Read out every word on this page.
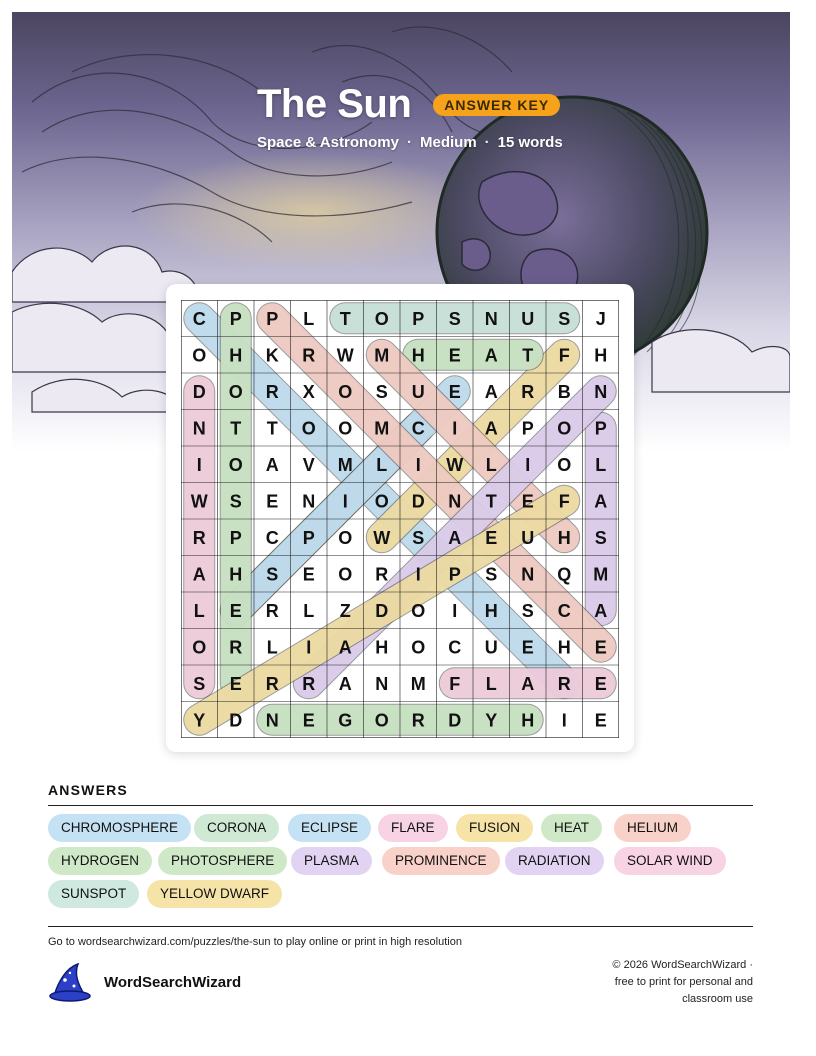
The Sun	ANSWER KEY
Space & Astronomy · Medium · 15 words
C P P L T O P S N U S J
O H K R W M H E A T F H
D O R X O S U E A R B N
N T T O O M C I A P O P
I O A V M L I W L I O L
W S E N I O D N T E F A
R P C P O W S A E U H S
A H S E O R I P S N Q M
L E R L Z D O I H S C A
O R L I A H O C U E H E
S E R R A N M F L A R E
Y D N E G O R D Y H I E
ANSWERS
CHROMOSPHERE	CORONA	ECLIPSE	FLARE	FUSION	HEAT	HELIUM
HYDROGEN	PHOTOSPHERE	PLASMA	PROMINENCE	RADIATION	SOLAR WIND
SUNSPOT	YELLOW DWARF
Go to wordsearchwizard.com/puzzles/the-sun to play online or print in high resolution
WordSearchWizard
© 2026 WordSearchWizard ·
free to print for personal and
classroom use
